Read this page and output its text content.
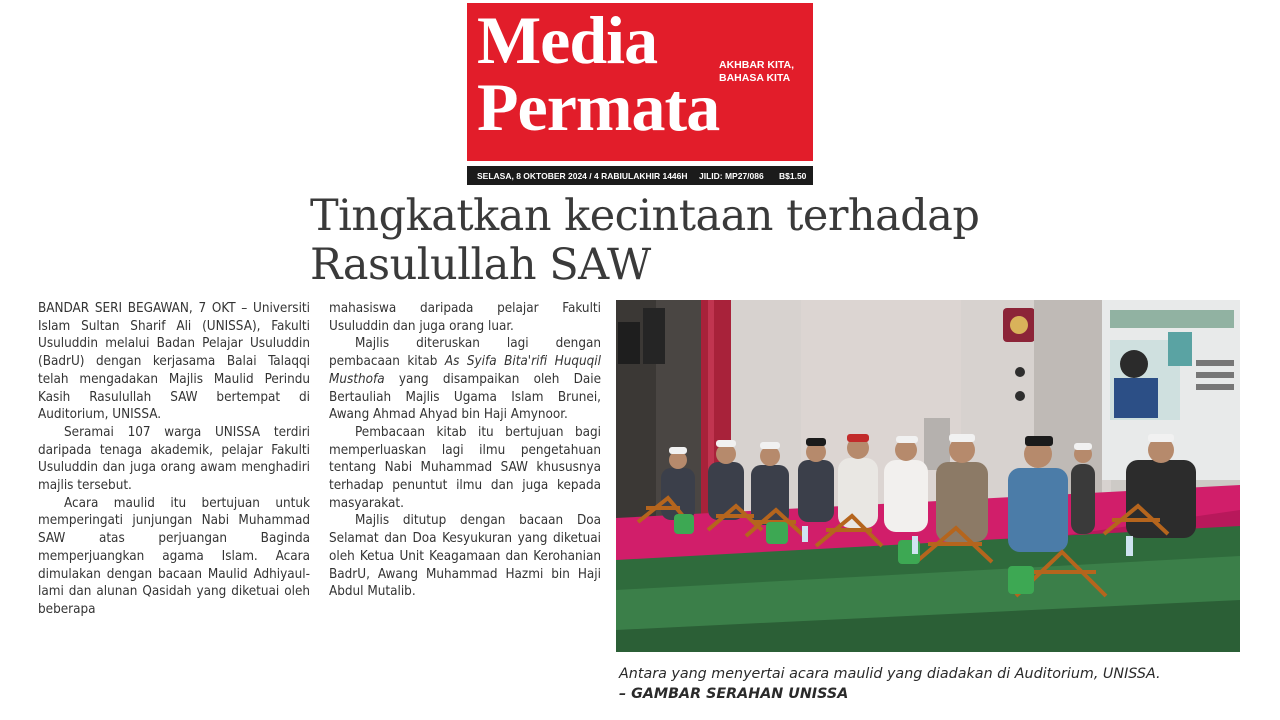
Media
Permata
AKHBAR KITA,
BAHASA KITA
SELASA, 8 OKTOBER 2024 / 4 RABIULAKHIR 1446H JILID: MP27/086 B$1.50
Tingkatkan kecintaan terhadap Rasulullah SAW

BANDAR SERI BEGAWAN, 7 OKT – Universiti Islam Sultan Sharif Ali (UNISSA), Fakulti Usuluddin melalui Badan Pelajar Usuluddin (BadrU) dengan kerjasama Balai Talaqqi telah mengadakan Majlis Maulid Perindu Kasih Rasulullah SAW bertempat di Auditorium, UNISSA.

Seramai 107 warga UNISSA terdiri daripada tenaga akademik, pelajar Fakulti Usuluddin dan juga orang awam menghadiri majlis tersebut.

Acara maulid itu bertujuan untuk memperingati junjungan Nabi Muhammad SAW atas perjuangan Baginda memperjuangkan agama Islam. Acara dimulakan dengan bacaan Maulid Adhiyaul-lami dan alunan Qasidah yang diketuai oleh beberapa

mahasiswa daripada pelajar Fakulti Usuluddin dan juga orang luar.

Majlis diteruskan lagi dengan pembacaan kitab As Syifa Bita'rifi Huquqil Musthofa yang disampaikan oleh Daie Bertauliah Majlis Ugama Islam Brunei, Awang Ahmad Ahyad bin Haji Amynoor.

Pembacaan kitab itu bertujuan bagi memperluaskan lagi ilmu pengetahuan tentang Nabi Muhammad SAW khususnya terhadap penuntut ilmu dan juga kepada masyarakat.

Majlis ditutup dengan bacaan Doa Selamat dan Doa Kesyukuran yang diketuai oleh Ketua Unit Keagamaan dan Kerohanian BadrU, Awang Muhammad Hazmi bin Haji Abdul Mutalib.

Antara yang menyertai acara maulid yang diadakan di Auditorium, UNISSA.
– GAMBAR SERAHAN UNISSA
